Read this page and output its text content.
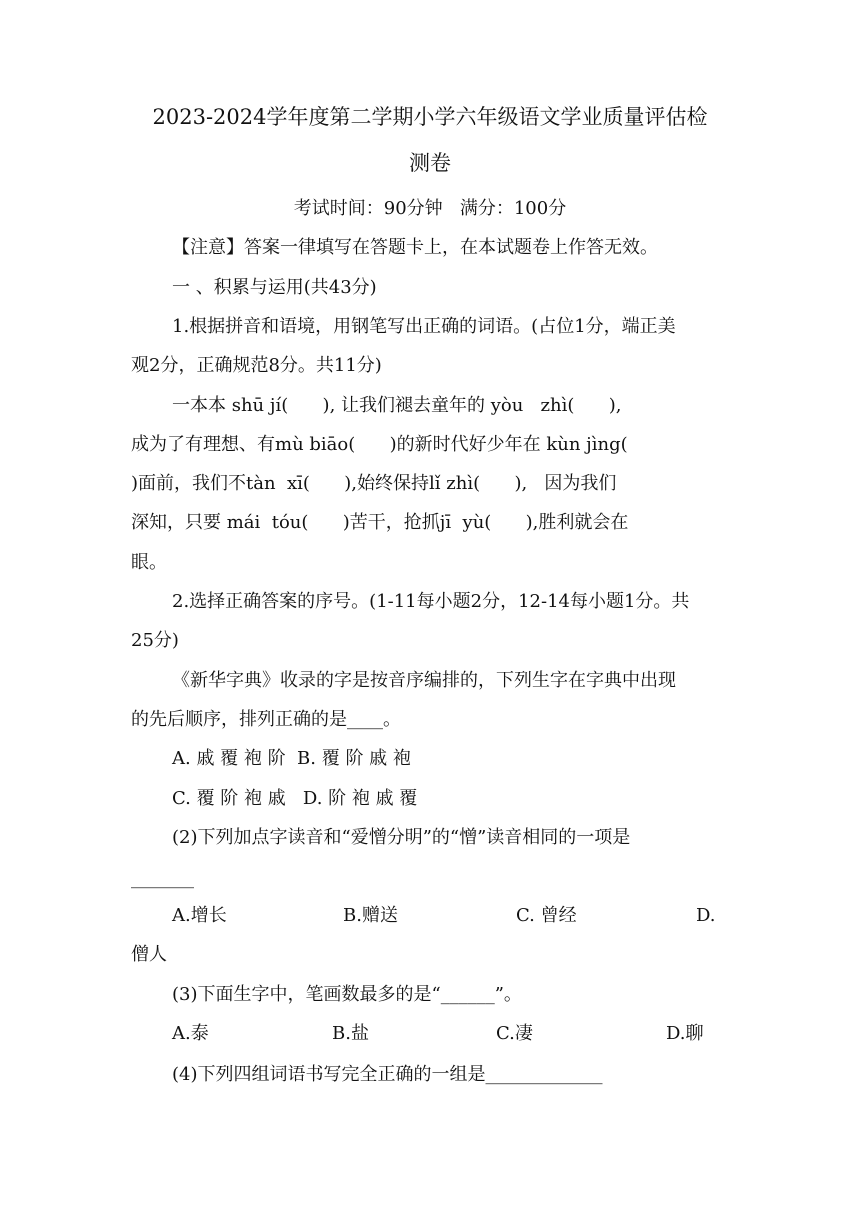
2023-2024学年度第二学期小学六年级语文学业质量评估检
测卷
考试时间：90分钟   满分：100分
【注意】答案一律填写在答题卡上，在本试题卷上作答无效。
一 、积累与运用(共43分)
1.根据拼音和语境，用钢笔写出正确的词语。(占位1分，端正美
观2分，正确规范8分。共11分)
一本本 shū jí(      ), 让我们褪去童年的 yòu   zhì(      ),
成为了有理想、有mù biāo(      )的新时代好少年在 kùn jìng(
)面前，我们不tàn  xī(      ),始终保持lǐ zhì(      ),   因为我们
深知，只要 mái  tóu(      )苦干，抢抓jī  yù(      ),胜利就会在
眼。
2.选择正确答案的序号。(1-11每小题2分，12-14每小题1分。共
25分)
《新华字典》收录的字是按音序编排的，下列生字在字典中出现
的先后顺序，排列正确的是____。
A. 戚 覆 袍 阶  B. 覆 阶 戚 袍
C. 覆 阶 袍 戚   D. 阶 袍 戚 覆
(2)下列加点字读音和“爱憎分明”的“憎”读音相同的一项是
_______
A.增长	B.赠送	C. 曾经	D.
僧人
(3)下面生字中，笔画数最多的是“______”。
A.泰	B.盐	C.凄	D.聊
(4)下列四组词语书写完全正确的一组是_____________
